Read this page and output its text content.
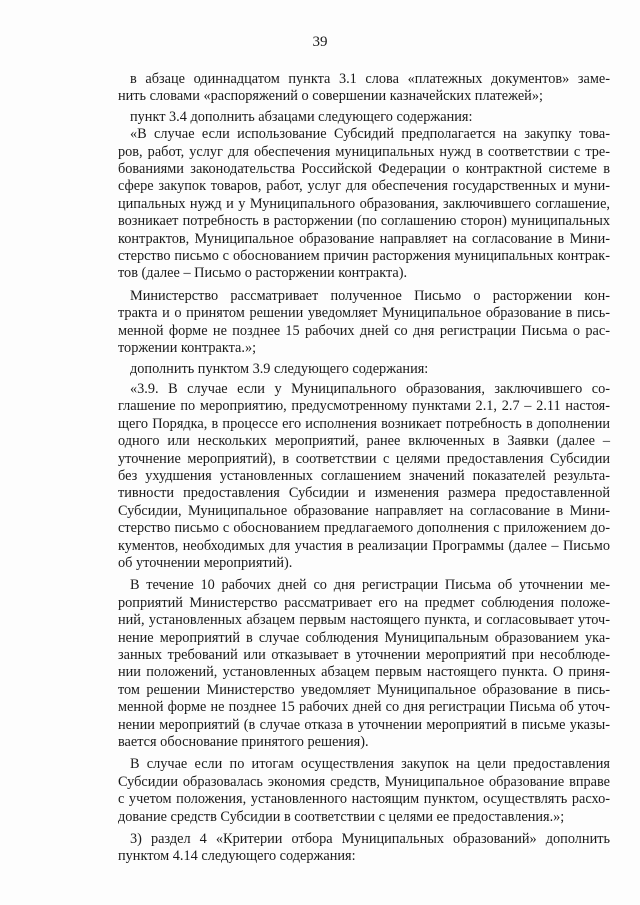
39
в абзаце одиннадцатом пункта 3.1 слова «платежных документов» заме-
нить словами «распоряжений о совершении казначейских платежей»;
пункт 3.4 дополнить абзацами следующего содержания:
«В случае если использование Субсидий предполагается на закупку това-
ров, работ, услуг для обеспечения муниципальных нужд в соответствии с тре-
бованиями законодательства Российской Федерации о контрактной системе в
сфере закупок товаров, работ, услуг для обеспечения государственных и муни-
ципальных нужд и у Муниципального образования, заключившего соглашение,
возникает потребность в расторжении (по соглашению сторон) муниципальных
контрактов, Муниципальное образование направляет на согласование в Мини-
стерство письмо с обоснованием причин расторжения муниципальных контрак-
тов (далее – Письмо о расторжении контракта).
Министерство рассматривает полученное Письмо о расторжении кон-
тракта и о принятом решении уведомляет Муниципальное образование в пись-
менной форме не позднее 15 рабочих дней со дня регистрации Письма о рас-
торжении контракта.»;
дополнить пунктом 3.9 следующего содержания:
«3.9. В случае если у Муниципального образования, заключившего со-
глашение по мероприятию, предусмотренному пунктами 2.1, 2.7 – 2.11 настоя-
щего Порядка, в процессе его исполнения возникает потребность в дополнении
одного или нескольких мероприятий, ранее включенных в Заявки (далее –
уточнение мероприятий), в соответствии с целями предоставления Субсидии
без ухудшения установленных соглашением значений показателей результа-
тивности предоставления Субсидии и изменения размера предоставленной
Субсидии, Муниципальное образование направляет на согласование в Мини-
стерство письмо с обоснованием предлагаемого дополнения с приложением до-
кументов, необходимых для участия в реализации Программы (далее – Письмо
об уточнении мероприятий).
В течение 10 рабочих дней со дня регистрации Письма об уточнении ме-
роприятий Министерство рассматривает его на предмет соблюдения положе-
ний, установленных абзацем первым настоящего пункта, и согласовывает уточ-
нение мероприятий в случае соблюдения Муниципальным образованием ука-
занных требований или отказывает в уточнении мероприятий при несоблюде-
нии положений, установленных абзацем первым настоящего пункта. О приня-
том решении Министерство уведомляет Муниципальное образование в пись-
менной форме не позднее 15 рабочих дней со дня регистрации Письма об уточ-
нении мероприятий (в случае отказа в уточнении мероприятий в письме указы-
вается обоснование принятого решения).
В случае если по итогам осуществления закупок на цели предоставления
Субсидии образовалась экономия средств, Муниципальное образование вправе
с учетом положения, установленного настоящим пунктом, осуществлять расхо-
дование средств Субсидии в соответствии с целями ее предоставления.»;
3) раздел 4 «Критерии отбора Муниципальных образований» дополнить
пунктом 4.14 следующего содержания:
